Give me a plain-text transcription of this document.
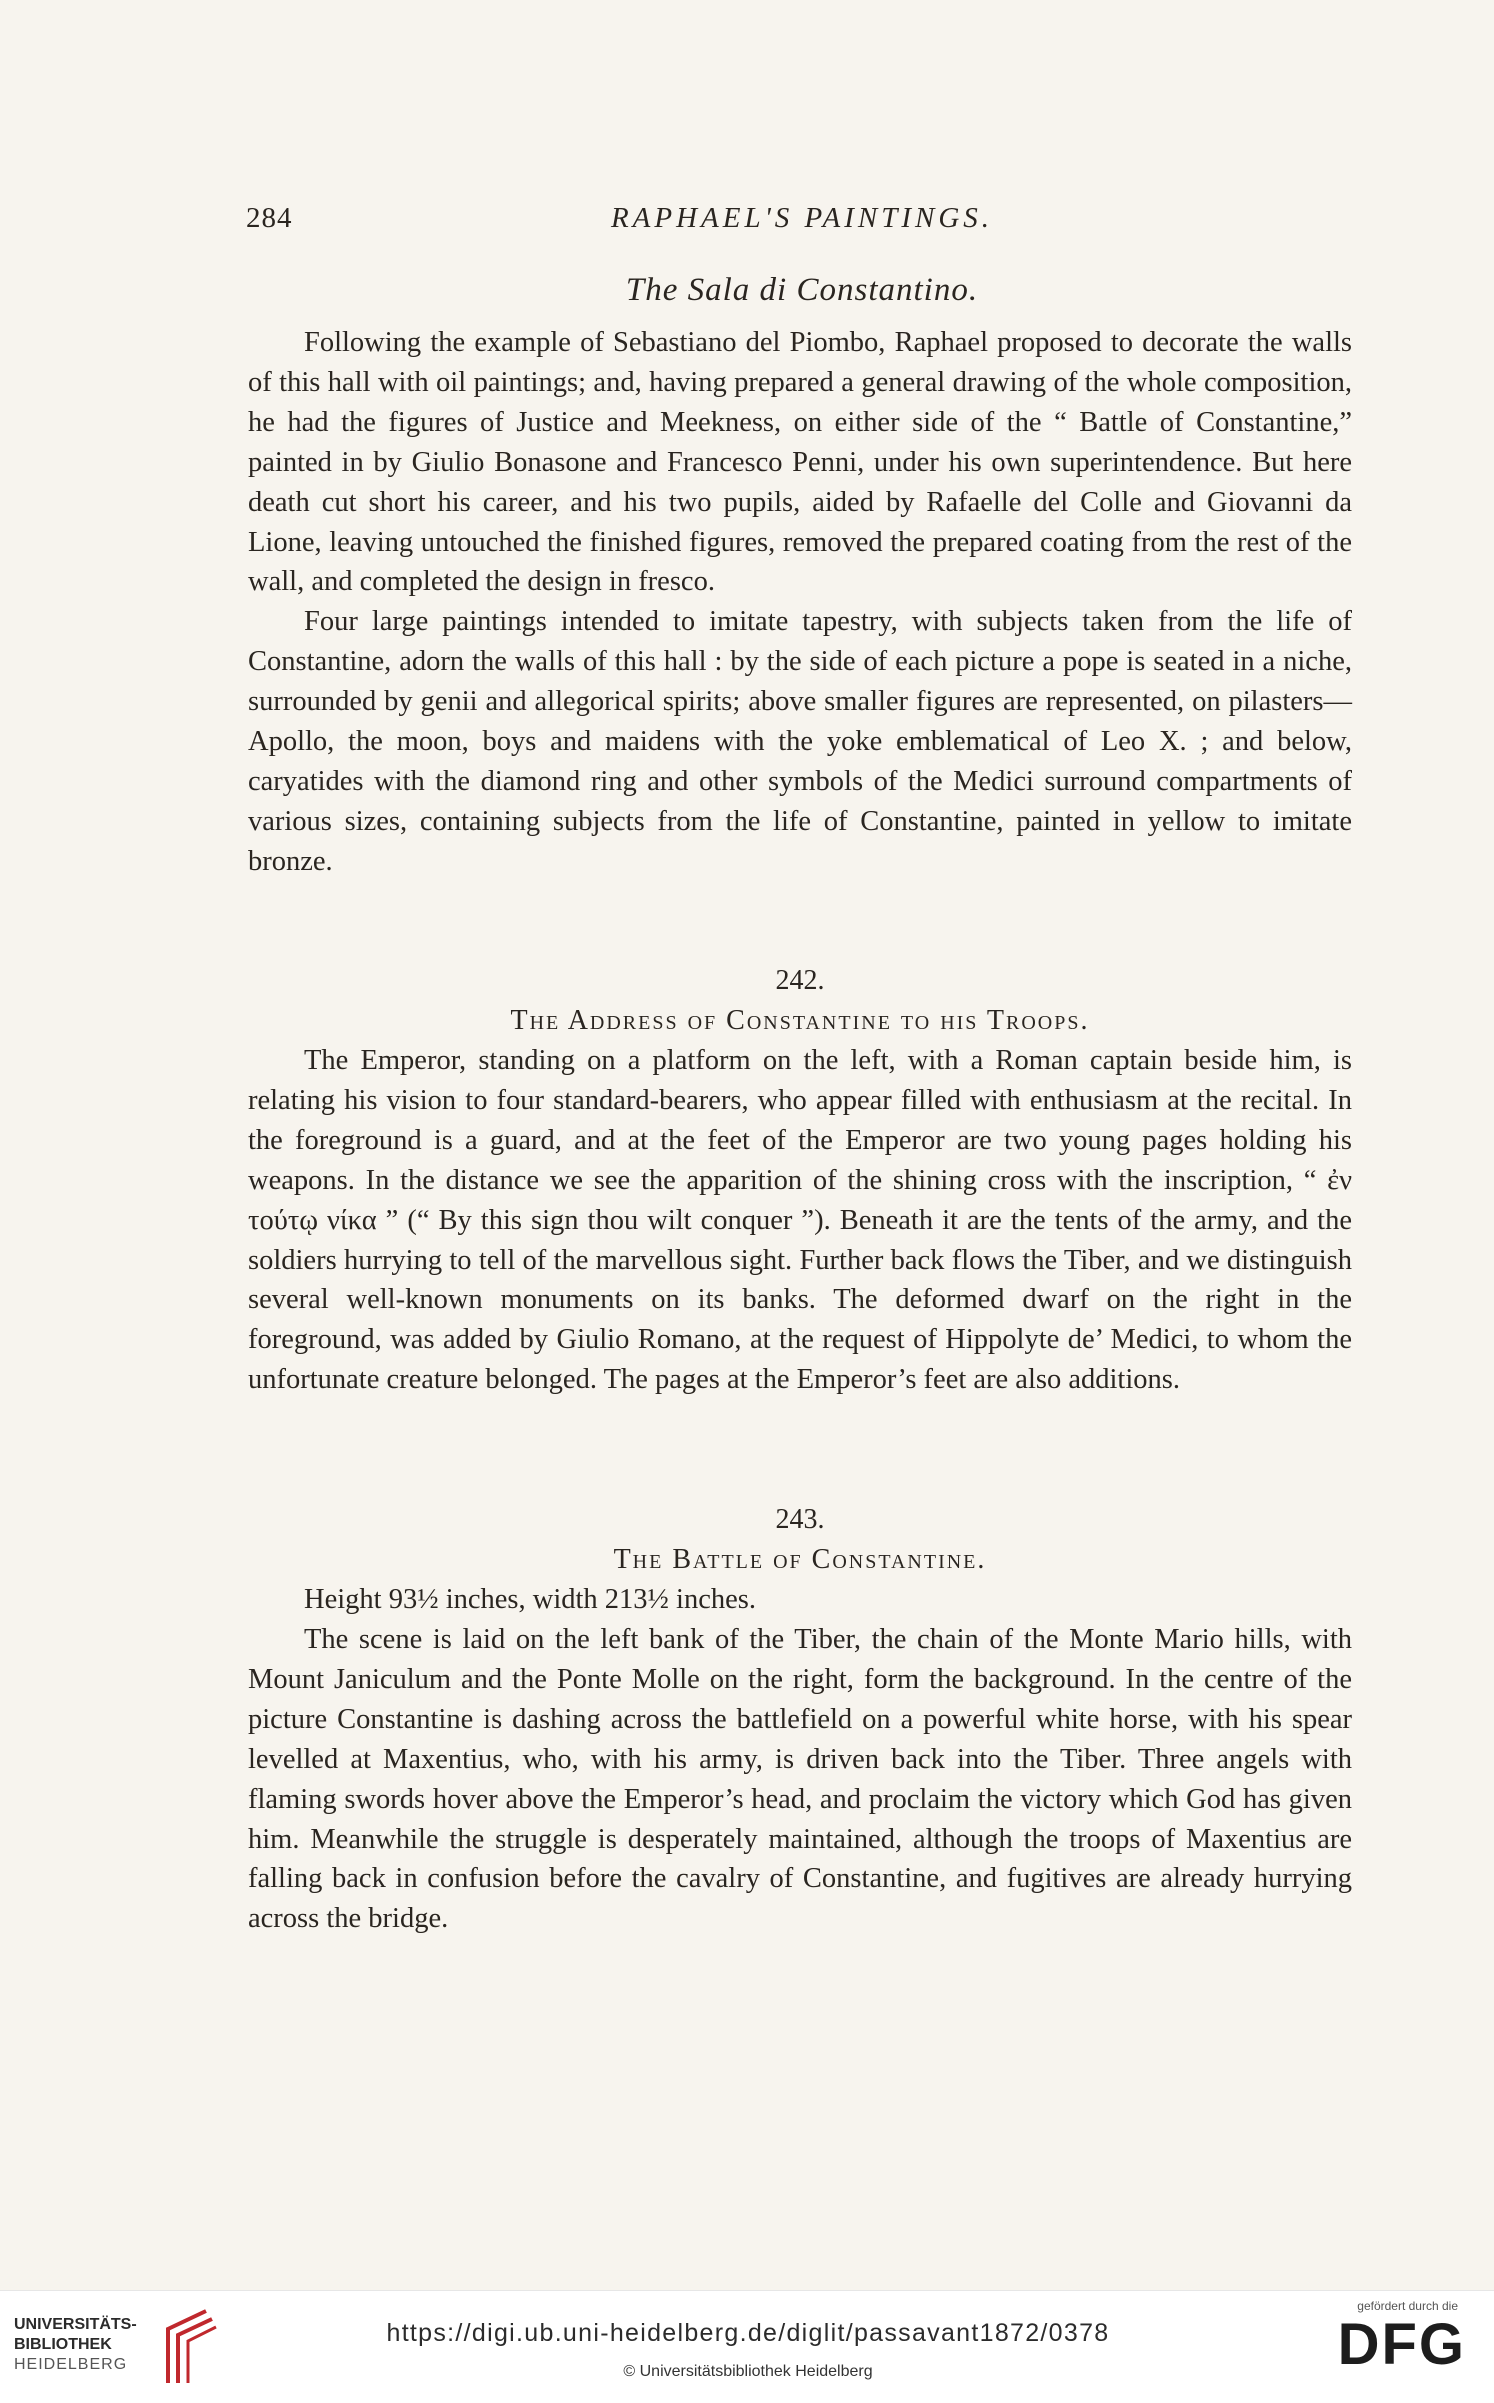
284	RAPHAEL'S PAINTINGS.
The Sala di Constantino.

Following the example of Sebastiano del Piombo, Raphael proposed to decorate the walls of this hall with oil paintings; and, having prepared a general drawing of the whole composition, he had the figures of Justice and Meekness, on either side of the “ Battle of Constantine,” painted in by Giulio Bonasone and Francesco Penni, under his own superintendence. But here death cut short his career, and his two pupils, aided by Rafaelle del Colle and Giovanni da Lione, leaving untouched the finished figures, removed the prepared coating from the rest of the wall, and completed the design in fresco.

Four large paintings intended to imitate tapestry, with subjects taken from the life of Constantine, adorn the walls of this hall : by the side of each picture a pope is seated in a niche, surrounded by genii and allegorical spirits; above smaller figures are represented, on pilasters—Apollo, the moon, boys and maidens with the yoke emblematical of Leo X. ; and below, caryatides with the diamond ring and other symbols of the Medici surround compartments of various sizes, containing subjects from the life of Constantine, painted in yellow to imitate bronze.

242.
The Address of Constantine to his Troops.

The Emperor, standing on a platform on the left, with a Roman captain beside him, is relating his vision to four standard-bearers, who appear filled with enthusiasm at the recital. In the foreground is a guard, and at the feet of the Emperor are two young pages holding his weapons. In the distance we see the apparition of the shining cross with the inscription, “ ἐν τούτῳ νίκα ” (“ By this sign thou wilt conquer ”). Beneath it are the tents of the army, and the soldiers hurrying to tell of the marvellous sight. Further back flows the Tiber, and we distinguish several well-known monuments on its banks. The deformed dwarf on the right in the foreground, was added by Giulio Romano, at the request of Hippolyte de’ Medici, to whom the unfortunate creature belonged. The pages at the Emperor’s feet are also additions.

243.
The Battle of Constantine.
Height 93½ inches, width 213½ inches.

The scene is laid on the left bank of the Tiber, the chain of the Monte Mario hills, with Mount Janiculum and the Ponte Molle on the right, form the background. In the centre of the picture Constantine is dashing across the battlefield on a powerful white horse, with his spear levelled at Maxentius, who, with his army, is driven back into the Tiber. Three angels with flaming swords hover above the Emperor’s head, and proclaim the victory which God has given him. Meanwhile the struggle is desperately maintained, although the troops of Maxentius are falling back in confusion before the cavalry of Constantine, and fugitives are already hurrying across the bridge.

UNIVERSITÄTS-
BIBLIOTHEK
HEIDELBERG
https://digi.ub.uni-heidelberg.de/diglit/passavant1872/0378
© Universitätsbibliothek Heidelberg
gefördert durch die
DFG
